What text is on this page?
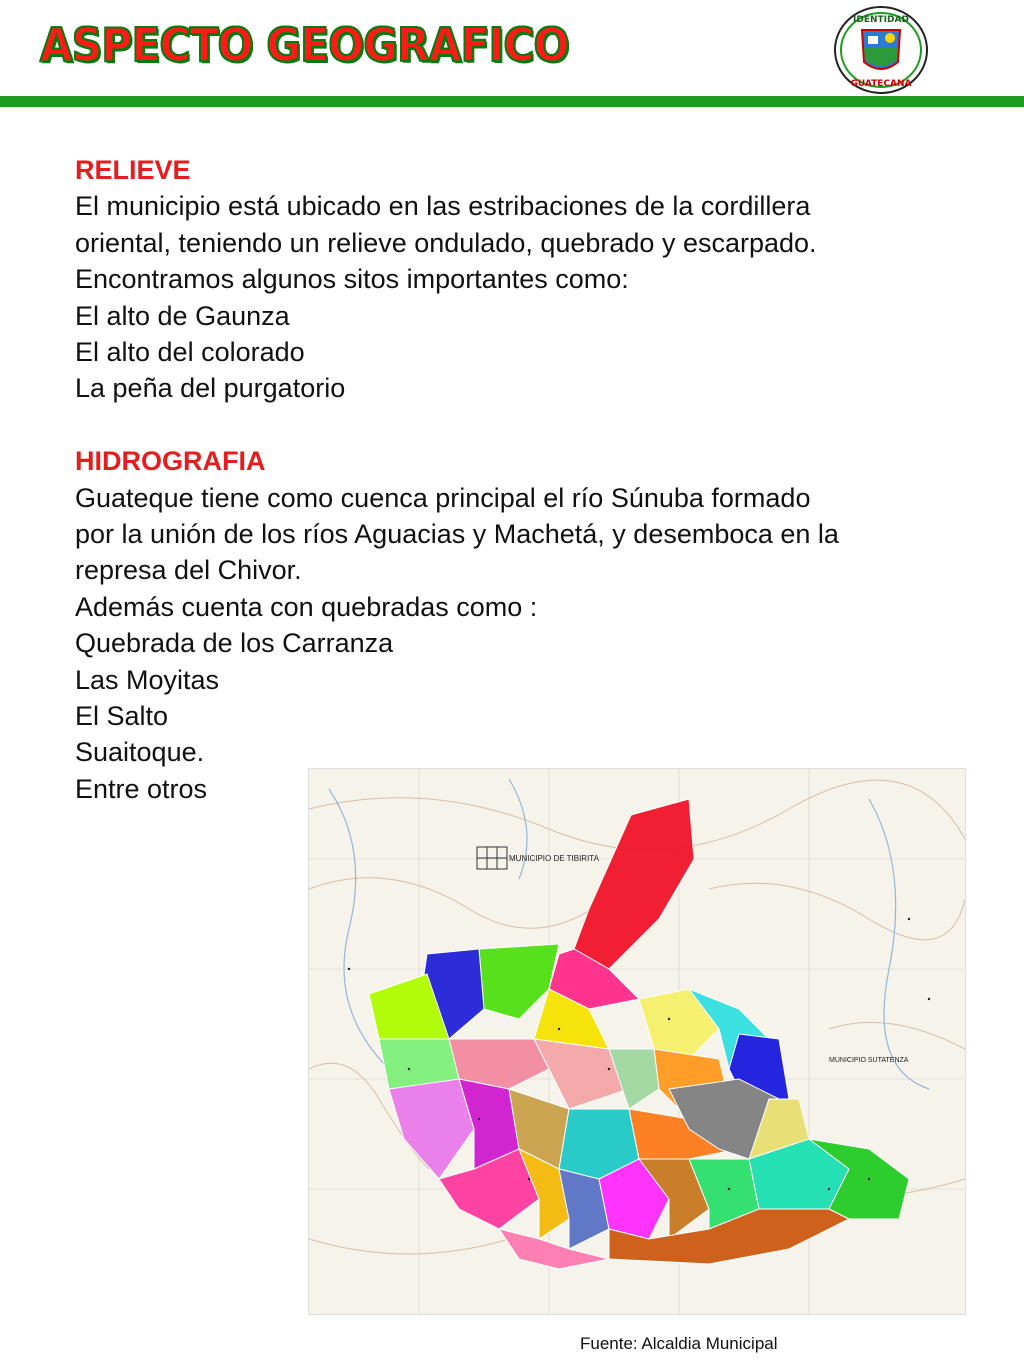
ASPECTO GEOGRAFICO	IDENTIDAD
GUATECANA

RELIEVE

El municipio está ubicado en las estribaciones de la cordillera

oriental, teniendo un relieve ondulado, quebrado y escarpado.

Encontramos algunos sitos importantes como:

El alto de Gaunza

El alto del colorado

La peña del purgatorio

HIDROGRAFIA

Guateque tiene como cuenca principal el río Súnuba formado

por la unión de los ríos Aguacias y Machetá, y desemboca en la

represa del Chivor.

Además cuenta con quebradas como :

Quebrada de los Carranza

Las Moyitas

El Salto

Suaitoque.

Entre otros

MUNICIPIO DE TIBIRITA
MUNICIPIO SUTATENZA
Fuente: Alcaldia Municipal
